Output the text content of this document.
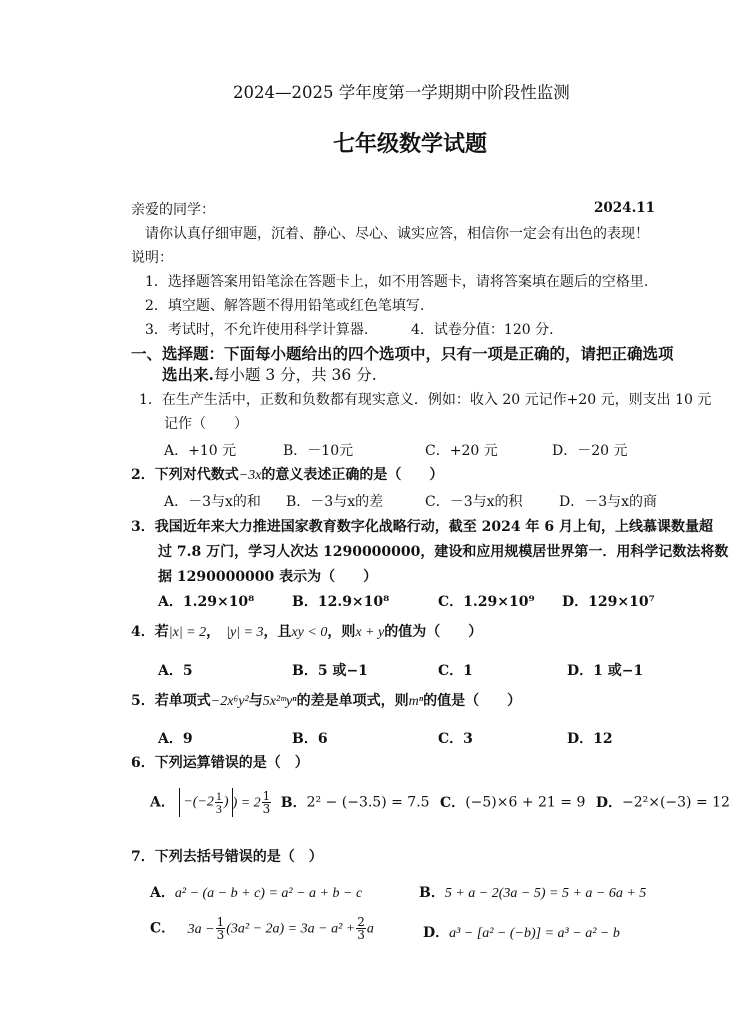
2024—2025 学年度第一学期期中阶段性监测
七年级数学试题
亲爱的同学：	2024.11
请你认真仔细审题，沉着、静心、尽心、诚实应答，相信你一定会有出色的表现！
说明：
1．选择题答案用铅笔涂在答题卡上，如不用答题卡，请将答案填在题后的空格里.
2．填空题、解答题不得用铅笔或红色笔填写.
3．考试时，不允许使用科学计算器.	4．试卷分值：120 分.
一、选择题：下面每小题给出的四个选项中，只有一项是正确的，请把正确选项
选出来.每小题 3 分，共 36 分.
1．在生产生活中，正数和负数都有现实意义．例如：收入 20 元记作+20 元，则支出 10 元
记作（　　）
A．+10 元	B．－10元	C．+20 元	D．－20 元
2．下列对代数式−3x的意义表述正确的是（　　）
A．－3与x的和 B．－3与x的差	C．－3与x的积	D．－3与x的商
3．我国近年来大力推进国家教育数字化战略行动，截至 2024 年 6 月上旬，上线慕课数量超
过 7.8 万门，学习人次达 1290000000，建设和应用规模居世界第一．用科学记数法将数
据 1290000000 表示为（　　）
A．1.29×10⁸	B．12.9×10⁸	C．1.29×10⁹ D．129×10⁷
4．若|x| = 2， |y| = 3，且xy < 0，则x + y的值为（　　）
A．5	B．5 或−1	C．1	D．1 或−1
5．若单项式−2x⁶y²与5x²ᵐyⁿ的差是单项式，则mⁿ的值是（　　）
A．9	B．6	C．3	D．12
6．下列运算错误的是（　）
A． $-(-2 \frac{1}{3}$ )) = $2 \frac{1}{3}$ B．2² − (−3.5) = 7.5 C．(−5)×6 + 21 = 9 D．−2²×(−3) = 12
7．下列去括号错误的是（　）
A．a² − (a − b + c) = a² − a + b − c	B．5 + a − 2(3a − 5) = 5 + a − 6a + 5
C． $3a - \frac{1}{3} (3a^2 - 2a) = 3a - a^2 + \frac{2}{3}$ a	D．a³ − [a² − (−b)] = a³ − a² − b
